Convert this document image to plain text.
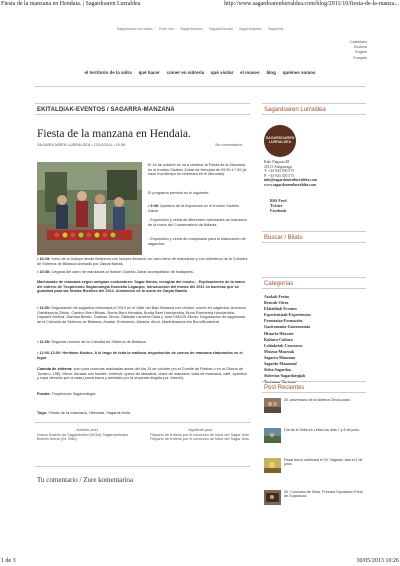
Fiesta de la manzana en Hendaia. | Sagardoaren Lurraldea	http://www.sagardoarenlurraldea.com/blog/2011/10/fiesta-de-la-manza...
Sagardoaren lurraldea · Texts info · Sagardoetxea · Sagardoilendia · Sagardoapeta · Sagardoa
Castellano
Euskera
English
Français
el territorio de la sidra · qué hacer · comer en sidrería · qué visitar · el museo · blog · quiénes somos
EKITALDIAK-EVENTOS / SAGARRA-MANZANA
Fiesta de la manzana en Hendaia.
SAGARDOAREN LURRALDEA • 13/10/2011 • 10:36	Sin comentarios
El 16 de octubre se va a celebrar la Fiesta de la Manzana en el frontón Gaztelu Zahar de Hendaia de 09:30-17:00 (si hace mal tiempo se celebrará en el Mercado).
El programa previsto es el siguiente:
• 9:30: Apertura de la exposición en el frontón Gaztelu Zahar.
- Exposición y venta de diferentes variedades de manzana de la mano del Conservatorio de Aldania.
- Exposición y venta de maquinaria para la elaboración de sagardoa.
• 10:15: Inicio de la txalopa desde Beltzenia con bueyes llevando un carro lleno de manzanas y con miembros de la Cofradía de Sidreros de Bidasoa animado por Zarpai Banda.
• 10:30: Llegada del carro de manzanas al frontón Gaztelu Zahar acompañado de txalaparta.
Machacado de manzana según antiguas costumbres: Sagar tkinka, recogida del mosto… Explicaciones de la mano del sidrero de Txopinondo Sagarnotegia Donostia Lagazpio, introducción del mosto del 2011 en barricas que se guardará para las fiestas Bixintxo del 2012. Animación de la mano de Zarpai Banda.
• 11:00: Degustación de sagardoa elaborada el 2010 en el Valle del Bajo Bidasoa con chistorr cocido en sagardoa: Arantxun Garbitzperia Zibutu, Camino Berri Biriatu, Borda Berri Hendaia, Borda Berri Hondarribia, Burni Etxeberria Hondarribia, Dajuarre Ainhoa, Garbiau Biriatu, Garbiau Zibutu, Otalzate Larretxa Olaia y José FADON Zibutu. Degustación de sagardoas de la Cofradía de Sidreros de Bidasoa: Amalai, Errekondo, Albaola, Aburi, Martinlizaenia eta Burni/Bodaberri.
• 11:30: Segunda reunión de la Cofradía de Sidreros de Bidasoa.
• 12:00-13:00: Herdaian Kantuz. A lo largo de toda la mañana, degustación de zumos de manzana elaborados en el lugar.
Comida de sidrería: solo para reservas realizadas antes del día 15 de octubre (en el Comité de Fiestas o en la Oficina de Turismo, 19€). Menú: tiscalas con tomate, entrecot, queso de Idiazabal, dulce de manzana, tarta de manzana, café, aperitivo y copa ofrecido por la casa (cama barra y animado por la orquesta dirigida por Joseíni).
Fuente: Txopinondo Sagarnotegia.
Tags: Fiesta de la manzana, Hendaia, Sagarra festa
Anterior post
Nuevo Boletín de Sagardoalea (9/Oct) Sagardoeteako Boletín berria (24. Blsk).
Siguiente post
Reparto de trofeos por el concurso de fotos del Sagar Uda. Reparto de trofeos por el concurso de fotos del Sagar Uda.
Tu comentario / Zure komentarioa
Sagardoaren Lurraldea
SAGARDOAREN
LURRALDEA
Kale Nagusia 48
20115 Astigarraga
T: +34 943 550 575
F: +34 943 550 575
info@sagardoarenlurraldea.com
www.sagardoarenlurraldea.com
RSS Feed
Twitter
Facebook
Buscar / Bilatu
Categorías
Azokak-Ferias
Bezicak-Otros
Ekitaldiak-Eventos
Esperientziak-Experiencias
Formazioa-Formación
Gastronomia-Gastronomía
Historia-Historia
Kultura-Cultura
Lehiaketak-Concursos
Museoa-Museoak
Sagarra-Manzana
Sagardo-Manzanal
Sidra-Sagardoa
Sidrerías-Sagardotegiak
Turismoa-Turismo
Post Recientes
25. aniversario de la sidrería Otxoa-cowa.
Día de la Sidra en Leitza los días 7 y 8 de junio.
Pasai Antxo celebrará el XX Sagardo Jaia el 1 de junio.
XII. Concurso de Sidra. Premios Diputación Foral de Guipúzcoa.
1 de 3	30/05/2013 10:26
